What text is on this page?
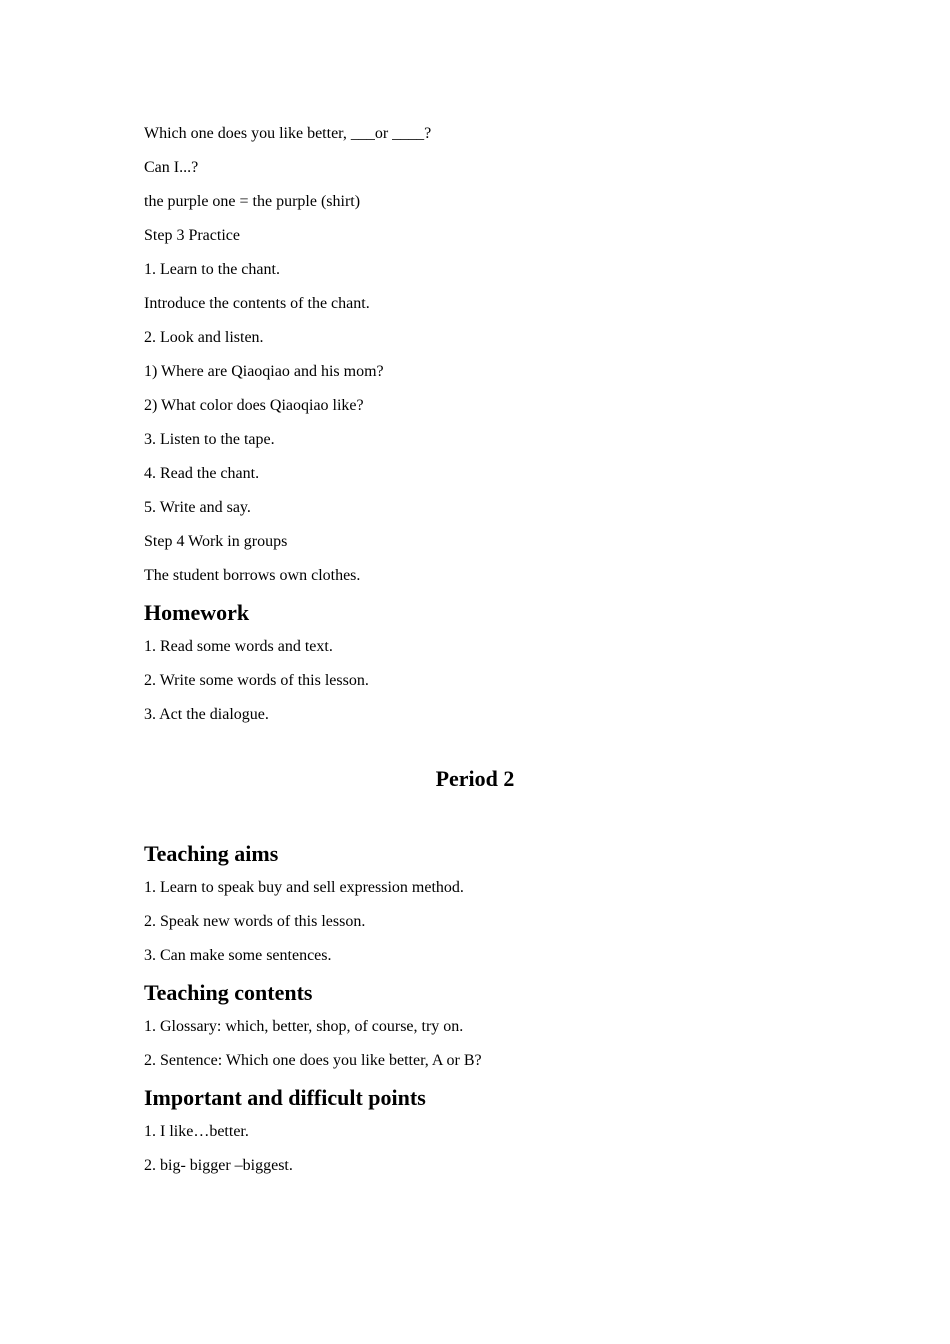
Which one does you like better, ___or ____?

Can I...?

the purple one = the purple (shirt)

Step 3 Practice

1. Learn to the chant.

Introduce the contents of the chant.

2. Look and listen.

1) Where are Qiaoqiao and his mom?

2) What color does Qiaoqiao like?

3. Listen to the tape.

4. Read the chant.

5. Write and say.

Step 4 Work in groups

The student borrows own clothes.

Homework

1. Read some words and text.

2. Write some words of this lesson.

3. Act the dialogue.

Period 2
Teaching aims

1. Learn to speak buy and sell expression method.

2. Speak new words of this lesson.

3. Can make some sentences.

Teaching contents

1. Glossary: which, better, shop, of course, try on.

2. Sentence: Which one does you like better, A or B?

Important and difficult points

1. I like…better.

2. big- bigger –biggest.
